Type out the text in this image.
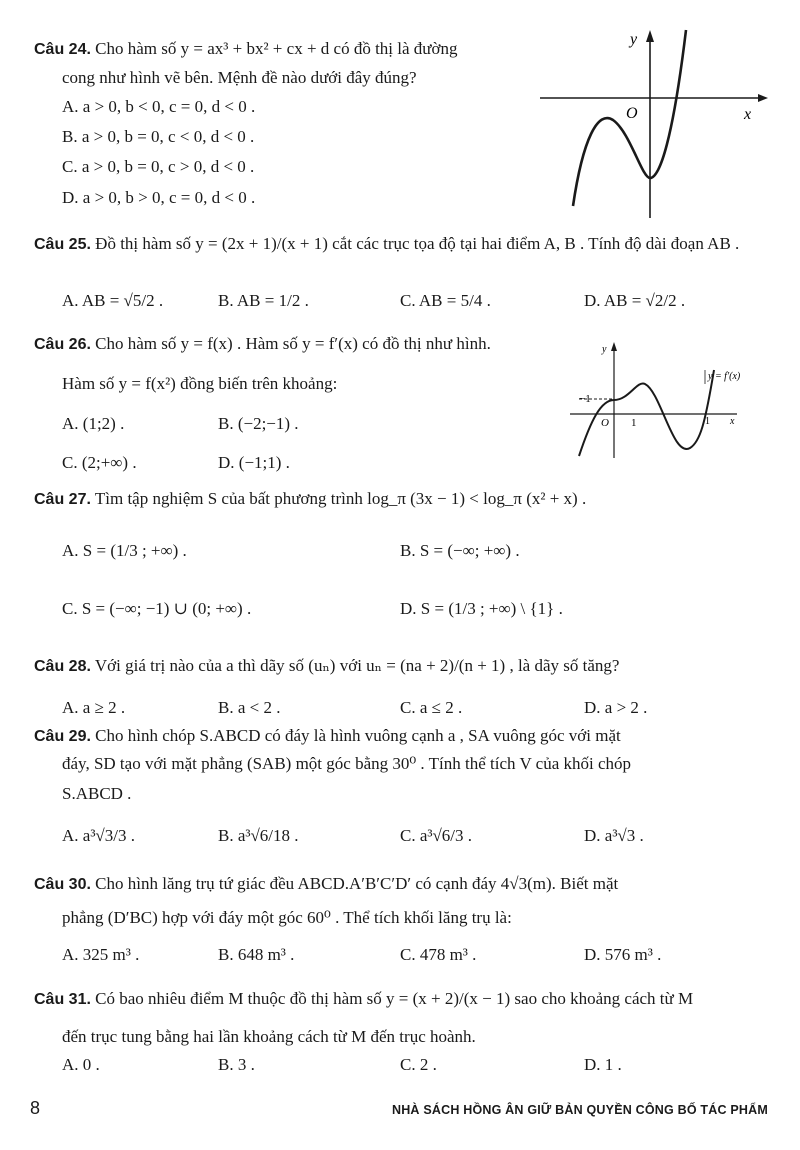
Câu 24. Cho hàm số y = ax³ + bx² + cx + d có đồ thị là đường
cong như hình vẽ bên. Mệnh đề nào dưới đây đúng?
A. a > 0, b < 0, c = 0, d < 0 .
B. a > 0, b = 0, c < 0, d < 0 .
C. a > 0, b = 0, c > 0, d < 0 .
D. a > 0, b > 0, c = 0, d < 0 .
y
x
O
Câu 25. Đồ thị hàm số y = (2x + 1)/(x + 1) cắt các trục tọa độ tại hai điểm A, B . Tính độ dài đoạn AB .
A. AB = √5/2 .	B. AB = 1/2 .	C. AB = 5/4 .	D. AB = √2/2 .
Câu 26. Cho hàm số y = f(x) . Hàm số y = f′(x) có đồ thị như hình.
Hàm số y = f(x²) đồng biến trên khoảng:
A. (1;2) .	B. (−2;−1) .
C. (2;+∞) .	D. (−1;1) .
y
x
O
−1
1	1
y = f′(x)
Câu 27. Tìm tập nghiệm S của bất phương trình log_π (3x − 1) < log_π (x² + x) .
A. S = (1/3 ; +∞) .	B. S = (−∞; +∞) .
C. S = (−∞; −1) ∪ (0; +∞) .	D. S = (1/3 ; +∞) \ {1} .
Câu 28. Với giá trị nào của a thì dãy số (uₙ) với uₙ = (na + 2)/(n + 1) , là dãy số tăng?
A. a ≥ 2 .	B. a < 2 .	C. a ≤ 2 .	D. a > 2 .
Câu 29. Cho hình chóp S.ABCD có đáy là hình vuông cạnh a , SA vuông góc với mặt
đáy, SD tạo với mặt phẳng (SAB) một góc bằng 30⁰ . Tính thể tích V của khối chóp
S.ABCD .
A. a³√3/3 .	B. a³√6/18 .	C. a³√6/3 .	D. a³√3 .
Câu 30. Cho hình lăng trụ tứ giác đều ABCD.A′B′C′D′ có cạnh đáy 4√3(m). Biết mặt
phẳng (D′BC) hợp với đáy một góc 60⁰ . Thể tích khối lăng trụ là:
A. 325 m³ .	B. 648 m³ .	C. 478 m³ .	D. 576 m³ .
Câu 31. Có bao nhiêu điểm M thuộc đồ thị hàm số y = (x + 2)/(x − 1) sao cho khoảng cách từ M
đến trục tung bằng hai lần khoảng cách từ M đến trục hoành.
A. 0 .	B. 3 .	C. 2 .	D. 1 .
8	NHÀ SÁCH HỒNG ÂN GIỮ BẢN QUYỀN CÔNG BỐ TÁC PHẨM
